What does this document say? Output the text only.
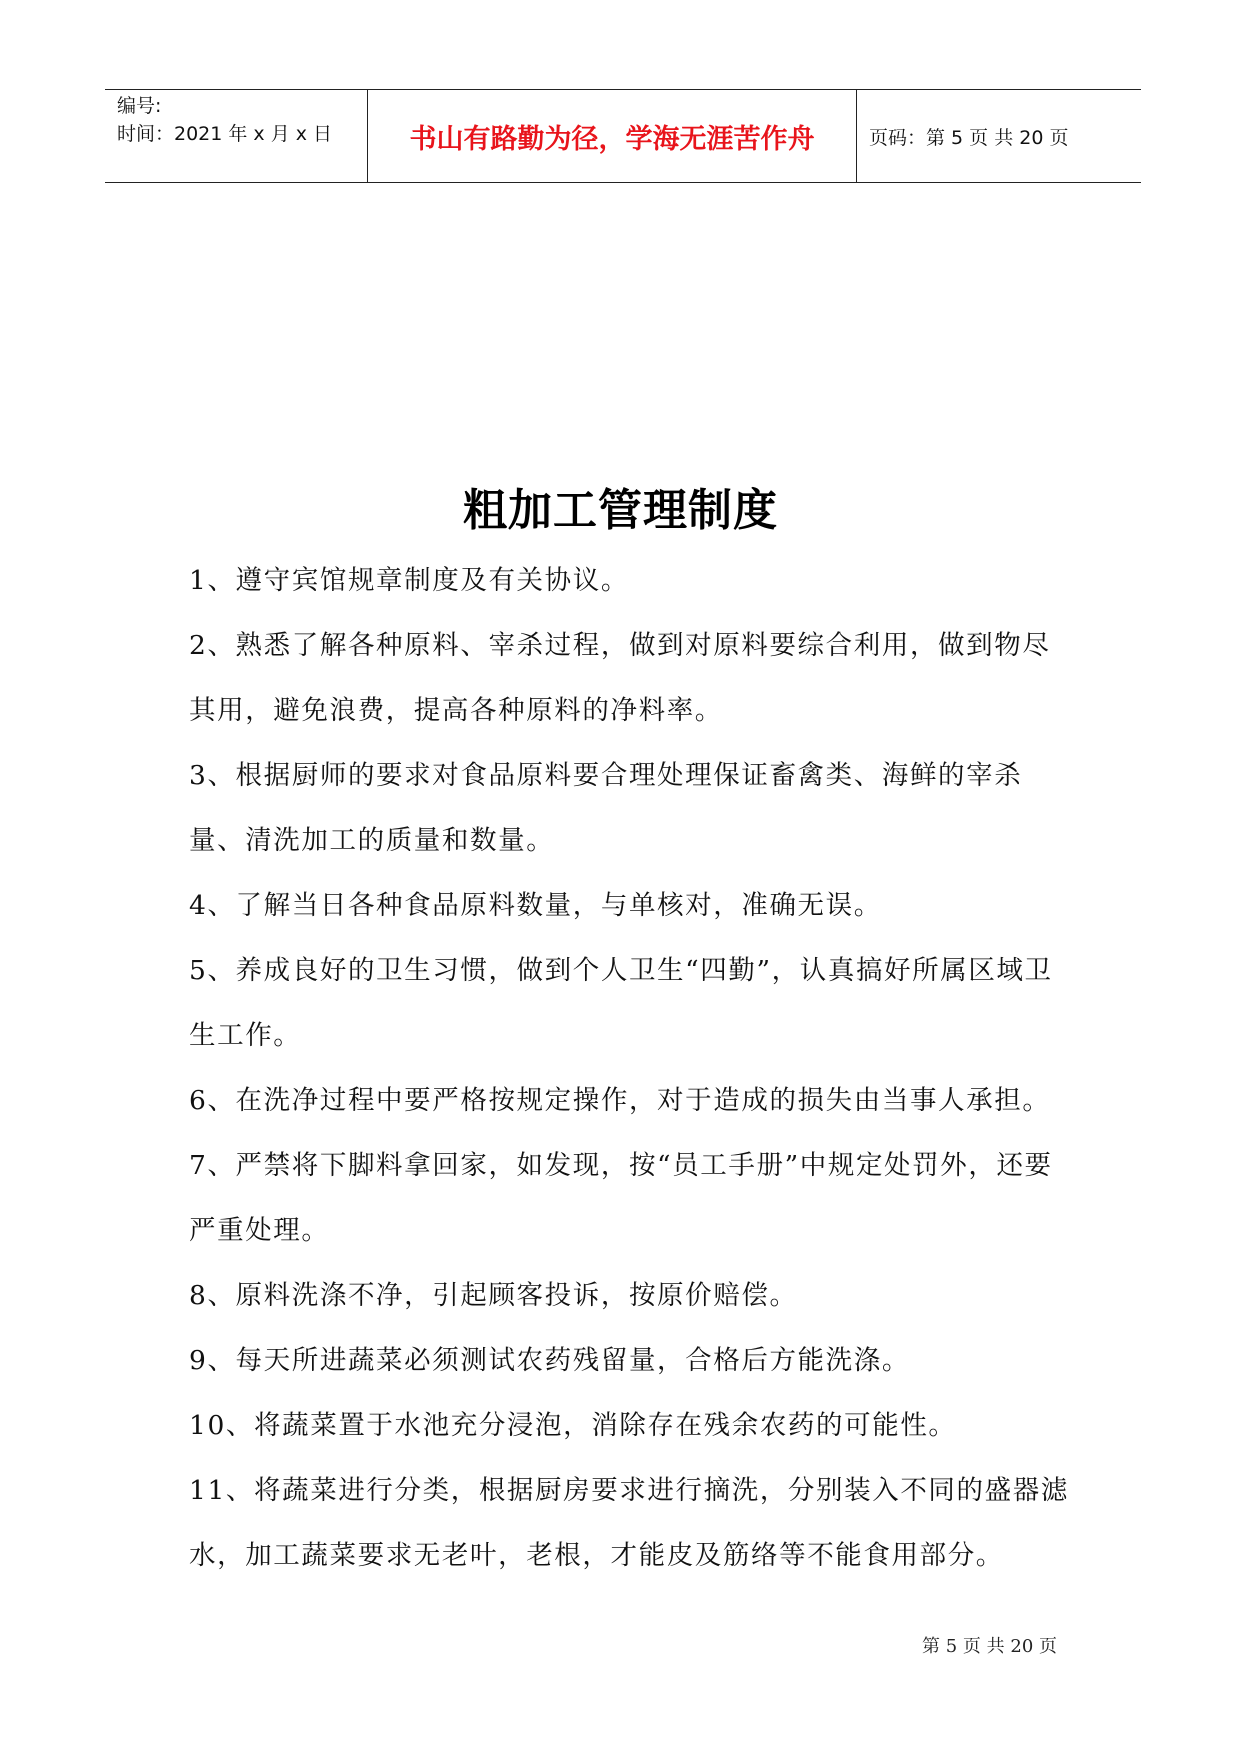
编号:
时间：2021 年 x 月 x 日	书山有路勤为径，学海无涯苦作舟	页码：第 5 页 共 20 页
粗加工管理制度

1、遵守宾馆规章制度及有关协议。

2、熟悉了解各种原料、宰杀过程，做到对原料要综合利用，做到物尽其用，避免浪费，提高各种原料的净料率。

3、根据厨师的要求对食品原料要合理处理保证畜禽类、海鲜的宰杀量、清洗加工的质量和数量。

4、了解当日各种食品原料数量，与单核对，准确无误。

5、养成良好的卫生习惯，做到个人卫生“四勤”，认真搞好所属区域卫生工作。

6、在洗净过程中要严格按规定操作，对于造成的损失由当事人承担。

7、严禁将下脚料拿回家，如发现，按“员工手册”中规定处罚外，还要严重处理。

8、原料洗涤不净，引起顾客投诉，按原价赔偿。

9、每天所进蔬菜必须测试农药残留量，合格后方能洗涤。

10、将蔬菜置于水池充分浸泡，消除存在残余农药的可能性。

11、将蔬菜进行分类，根据厨房要求进行摘洗，分别装入不同的盛器滤水，加工蔬菜要求无老叶，老根，才能皮及筋络等不能食用部分。

第 5 页 共 20 页
